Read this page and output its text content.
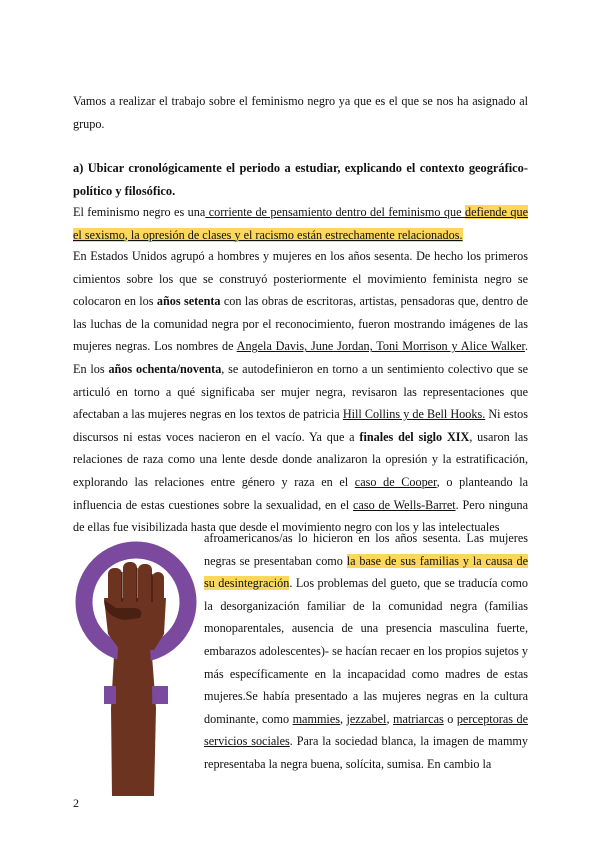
Vamos a realizar el trabajo sobre el feminismo negro ya que es el que se nos ha asignado al grupo.
a) Ubicar cronológicamente el periodo a estudiar, explicando el contexto geográfico-político y filosófico.
El feminismo negro es una corriente de pensamiento dentro del feminismo que defiende que el sexismo, la opresión de clases y el racismo están estrechamente relacionados.
En Estados Unidos agrupó a hombres y mujeres en los años sesenta. De hecho los primeros cimientos sobre los que se construyó posteriormente el movimiento feminista negro se colocaron en los años setenta con las obras de escritoras, artistas, pensadoras que, dentro de las luchas de la comunidad negra por el reconocimiento, fueron mostrando imágenes de las mujeres negras. Los nombres de Angela Davis, June Jordan, Toni Morrison y Alice Walker. En los años ochenta/noventa, se autodefinieron en torno a un sentimiento colectivo que se articuló en torno a qué significaba ser mujer negra, revisaron las representaciones que afectaban a las mujeres negras en los textos de patricia Hill Collins y de Bell Hooks. Ni estos discursos ni estas voces nacieron en el vacío. Ya que a finales del siglo XIX, usaron las relaciones de raza como una lente desde donde analizaron la opresión y la estratificación, explorando las relaciones entre género y raza en el caso de Cooper, o planteando la influencia de estas cuestiones sobre la sexualidad, en el caso de Wells-Barret. Pero ninguna de ellas fue visibilizada hasta que desde el movimiento negro con los y las intelectuales
afroamericanos/as lo hicieron en los años sesenta. Las mujeres negras se presentaban como la base de sus familias y la causa de su desintegración. Los problemas del gueto, que se traducía como la desorganización familiar de la comunidad negra (familias monoparentales, ausencia de una presencia masculina fuerte, embarazos adolescentes)- se hacían recaer en los propios sujetos y más específicamente en la incapacidad como madres de estas mujeres.Se había presentado a las mujeres negras en la cultura dominante, como mammies, jezzabel, matriarcas o perceptoras de servicios sociales. Para la sociedad blanca, la imagen de mammy representaba la negra buena, solícita, sumisa. En cambio la
2
